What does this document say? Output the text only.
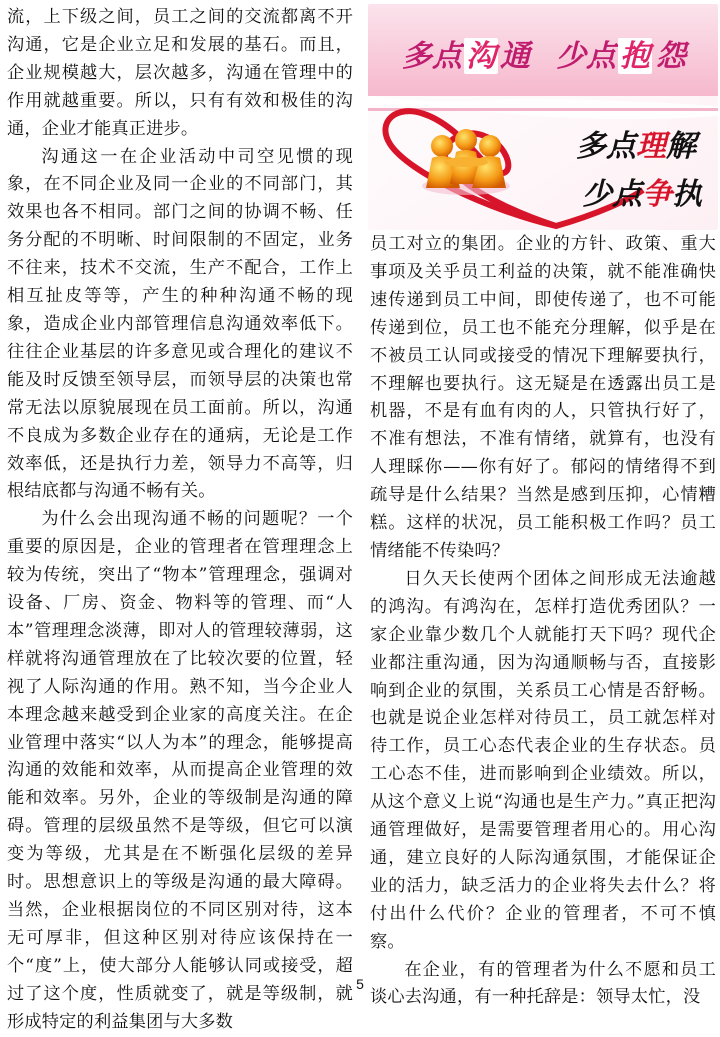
流，上下级之间，员工之间的交流都离不开沟通，它是企业立足和发展的基石。而且，企业规模越大，层次越多，沟通在管理中的作用就越重要。所以，只有有效和极佳的沟通，企业才能真正进步。

沟通这一在企业活动中司空见惯的现象，在不同企业及同一企业的不同部门，其效果也各不相同。部门之间的协调不畅、任务分配的不明晰、时间限制的不固定，业务不往来，技术不交流，生产不配合，工作上相互扯皮等等，产生的种种沟通不畅的现象，造成企业内部管理信息沟通效率低下。往往企业基层的许多意见或合理化的建议不能及时反馈至领导层，而领导层的决策也常常无法以原貌展现在员工面前。所以，沟通不良成为多数企业存在的通病，无论是工作效率低，还是执行力差，领导力不高等，归根结底都与沟通不畅有关。

为什么会出现沟通不畅的问题呢？一个重要的原因是，企业的管理者在管理理念上较为传统，突出了“物本”管理理念，强调对设备、厂房、资金、物料等的管理、而“人本”管理理念淡薄，即对人的管理较薄弱，这样就将沟通管理放在了比较次要的位置，轻视了人际沟通的作用。熟不知，当今企业人本理念越来越受到企业家的高度关注。在企业管理中落实“以人为本”的理念，能够提高沟通的效能和效率，从而提高企业管理的效能和效率。另外，企业的等级制是沟通的障碍。管理的层级虽然不是等级，但它可以演变为等级，尤其是在不断强化层级的差异时。思想意识上的等级是沟通的最大障碍。当然，企业根据岗位的不同区别对待，这本无可厚非，但这种区别对待应该保持在一个“度”上，使大部分人能够认同或接受，超过了这个度，性质就变了，就是等级制，就形成特定的利益集团与大多数

多点 沟 通 少点 抱 怨
多点理解
少点争执

员工对立的集团。企业的方针、政策、重大事项及关乎员工利益的决策，就不能准确快速传递到员工中间，即使传递了，也不可能传递到位，员工也不能充分理解，似乎是在不被员工认同或接受的情况下理解要执行，不理解也要执行。这无疑是在透露出员工是机器，不是有血有肉的人，只管执行好了，不准有想法，不准有情绪，就算有，也没有人理睬你——你有好了。郁闷的情绪得不到疏导是什么结果？当然是感到压抑，心情糟糕。这样的状况，员工能积极工作吗？员工情绪能不传染吗？

日久天长使两个团体之间形成无法逾越的鸿沟。有鸿沟在，怎样打造优秀团队？一家企业靠少数几个人就能打天下吗？现代企业都注重沟通，因为沟通顺畅与否，直接影响到企业的氛围，关系员工心情是否舒畅。也就是说企业怎样对待员工，员工就怎样对待工作，员工心态代表企业的生存状态。员工心态不佳，进而影响到企业绩效。所以，从这个意义上说“沟通也是生产力。”真正把沟通管理做好，是需要管理者用心的。用心沟通，建立良好的人际沟通氛围，才能保证企业的活力，缺乏活力的企业将失去什么？将付出什么代价？企业的管理者，不可不慎察。

在企业，有的管理者为什么不愿和员工谈心去沟通，有一种托辞是：领导太忙，没

5
